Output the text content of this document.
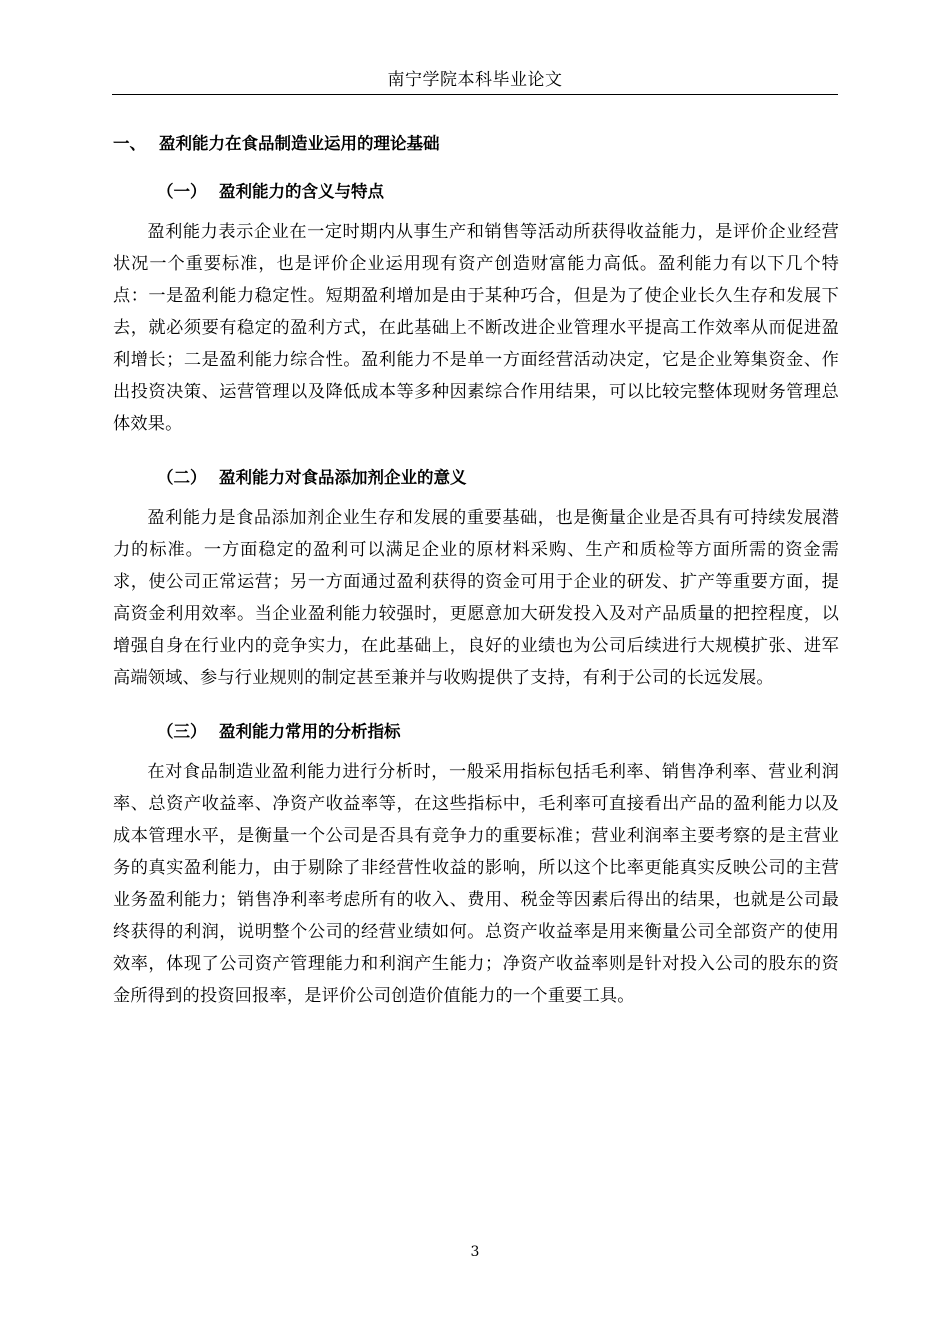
南宁学院本科毕业论文
一、 盈利能力在食品制造业运用的理论基础
（一） 盈利能力的含义与特点

盈利能力表示企业在一定时期内从事生产和销售等活动所获得收益能力，是评价企业经营状况一个重要标准，也是评价企业运用现有资产创造财富能力高低。盈利能力有以下几个特点：一是盈利能力稳定性。短期盈利增加是由于某种巧合，但是为了使企业长久生存和发展下去，就必须要有稳定的盈利方式，在此基础上不断改进企业管理水平提高工作效率从而促进盈利增长；二是盈利能力综合性。盈利能力不是单一方面经营活动决定，它是企业筹集资金、作出投资决策、运营管理以及降低成本等多种因素综合作用结果，可以比较完整体现财务管理总体效果。

（二） 盈利能力对食品添加剂企业的意义

盈利能力是食品添加剂企业生存和发展的重要基础，也是衡量企业是否具有可持续发展潜力的标准。一方面稳定的盈利可以满足企业的原材料采购、生产和质检等方面所需的资金需求，使公司正常运营；另一方面通过盈利获得的资金可用于企业的研发、扩产等重要方面，提高资金利用效率。当企业盈利能力较强时，更愿意加大研发投入及对产品质量的把控程度，以增强自身在行业内的竞争实力，在此基础上，良好的业绩也为公司后续进行大规模扩张、进军高端领域、参与行业规则的制定甚至兼并与收购提供了支持，有利于公司的长远发展。

（三） 盈利能力常用的分析指标

在对食品制造业盈利能力进行分析时，一般采用指标包括毛利率、销售净利率、营业利润率、总资产收益率、净资产收益率等，在这些指标中，毛利率可直接看出产品的盈利能力以及成本管理水平，是衡量一个公司是否具有竞争力的重要标准；营业利润率主要考察的是主营业务的真实盈利能力，由于剔除了非经营性收益的影响，所以这个比率更能真实反映公司的主营业务盈利能力；销售净利率考虑所有的收入、费用、税金等因素后得出的结果，也就是公司最终获得的利润，说明整个公司的经营业绩如何。总资产收益率是用来衡量公司全部资产的使用效率，体现了公司资产管理能力和利润产生能力；净资产收益率则是针对投入公司的股东的资金所得到的投资回报率，是评价公司创造价值能力的一个重要工具。

3
